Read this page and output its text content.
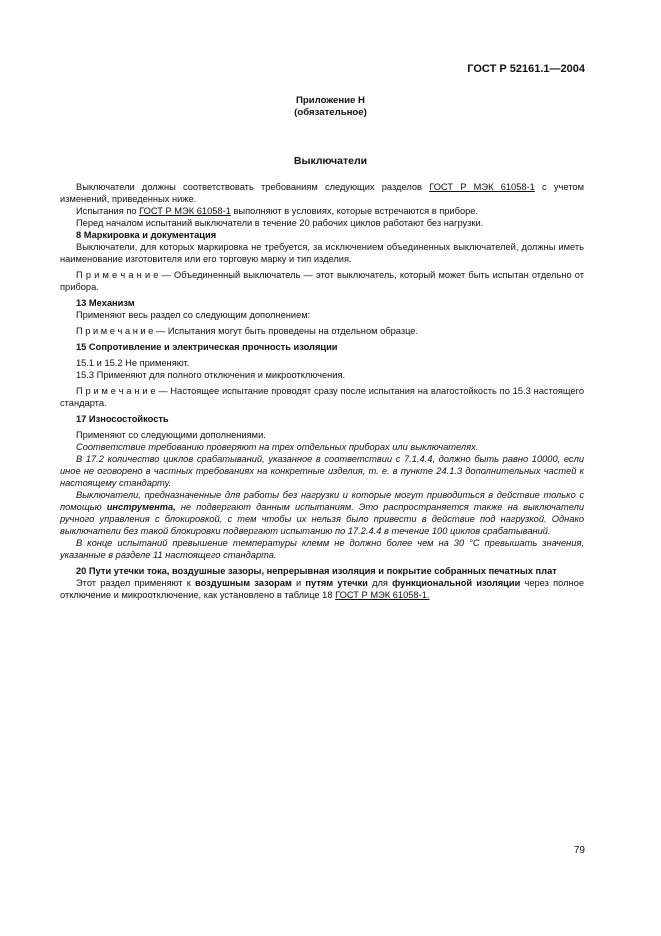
ГОСТ Р 52161.1—2004
Приложение Н
(обязательное)
Выключатели

Выключатели должны соответствовать требованиям следующих разделов ГОСТ Р МЭК 61058-1 с учетом изменений, приведенных ниже.

Испытания по ГОСТ Р МЭК 61058-1 выполняют в условиях, которые встречаются в приборе.

Перед началом испытаний выключатели в течение 20 рабочих циклов работают без нагрузки.

8 Маркировка и документация

Выключатели, для которых маркировка не требуется, за исключением объединенных выключателей, должны иметь наименование изготовителя или его торговую марку и тип изделия.

П р и м е ч а н и е — Объединенный выключатель — этот выключатель, который может быть испытан отдельно от прибора.

13 Механизм

Применяют весь раздел со следующим дополнением:

П р и м е ч а н и е — Испытания могут быть проведены на отдельном образце.

15 Сопротивление и электрическая прочность изоляции

15.1 и 15.2 Не применяют.

15.3 Применяют для полного отключения и микроотключения.

П р и м е ч а н и е — Настоящее испытание проводят сразу после испытания на влагостойкость по 15.3 настоящего стандарта.

17 Износостойкость

Применяют со следующими дополнениями.

Соответствие требованию проверяют на трех отдельных приборах или выключателях.

В 17.2 количество циклов срабатываний, указанное в соответствии с 7.1.4.4, должно быть равно 10000, если иное не оговорено в частных требованиях на конкретные изделия, т. е. в пункте 24.1.3 дополнительных частей к настоящему стандарту.

Выключатели, предназначенные для работы без нагрузки и которые могут приводиться в действие только с помощью инструмента, не подвергают данным испытаниям. Это распространяется также на выключатели ручного управления с блокировкой, с тем чтобы их нельзя было привести в действие под нагрузкой. Однако выключатели без такой блокировки подвергают испытанию по 17.2.4.4 в течение 100 циклов срабатываний.

В конце испытаний превышение температуры клемм не должно более чем на 30 °С превышать значения, указанные в разделе 11 настоящего стандарта.

20 Пути утечки тока, воздушные зазоры, непрерывная изоляция и покрытие собранных печатных плат

Этот раздел применяют к воздушным зазорам и путям утечки для функциональной изоляции через полное отключение и микроотключение, как установлено в таблице 18 ГОСТ Р МЭК 61058-1.

79
